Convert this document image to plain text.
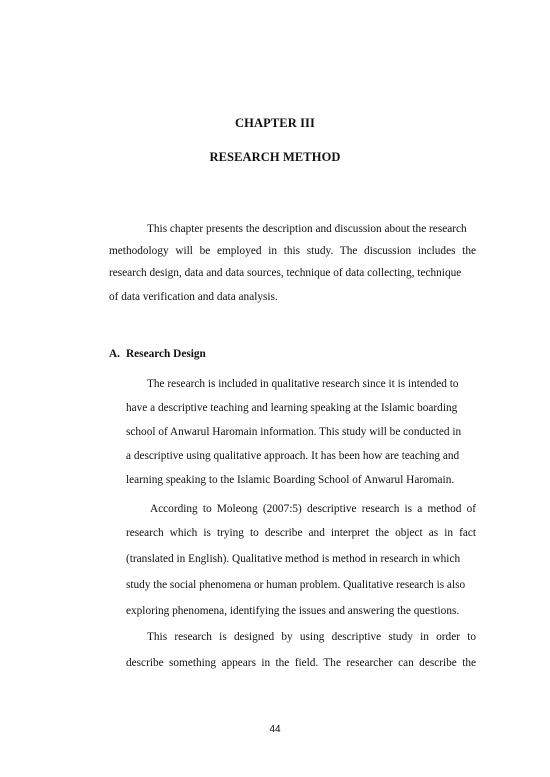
CHAPTER III
RESEARCH METHOD
This chapter presents the description and discussion about the research
methodology will be employed in this study. The discussion includes the
research design, data and data sources, technique of data collecting, technique
of data verification and data analysis.
A. Research Design
The research is included in qualitative research since it is intended to
have a descriptive teaching and learning speaking at the Islamic boarding
school of Anwarul Haromain information. This study will be conducted in
a descriptive using qualitative approach. It has been how are teaching and
learning speaking to the Islamic Boarding School of Anwarul Haromain.
According to Moleong (2007:5) descriptive research is a method of
research which is trying to describe and interpret the object as in fact
(translated in English). Qualitative method is method in research in which
study the social phenomena or human problem. Qualitative research is also
exploring phenomena, identifying the issues and answering the questions.
This research is designed by using descriptive study in order to
describe something appears in the field. The researcher can describe the
44
